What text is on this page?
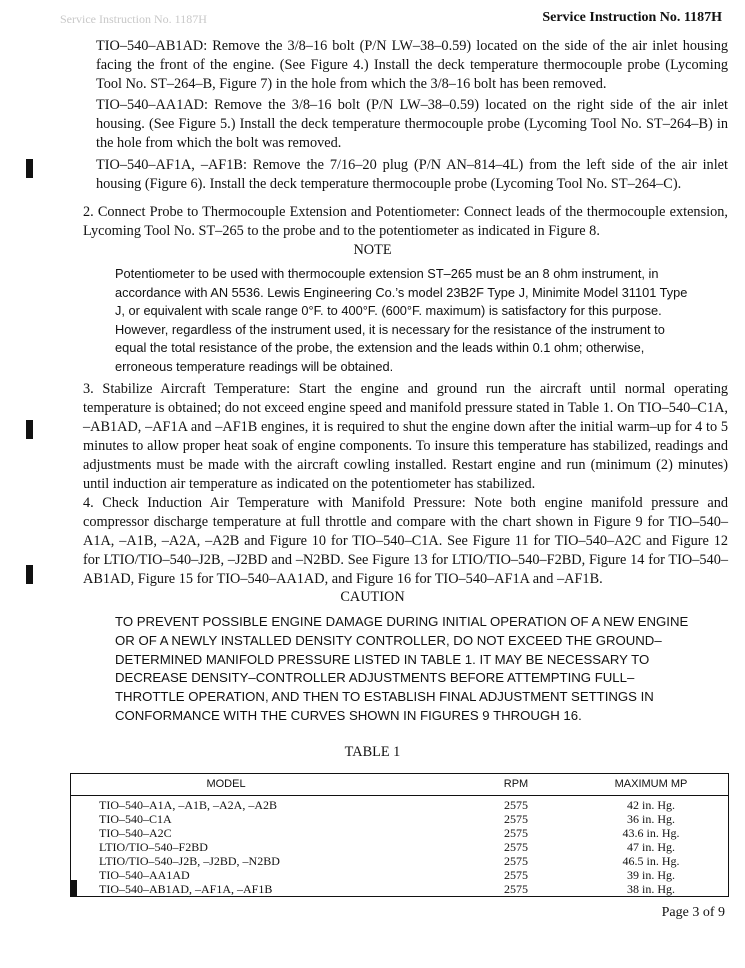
Service Instruction No. 1187H	Service Instruction No. 1187H
TIO–540–AB1AD: Remove the 3/8–16 bolt (P/N LW–38–0.59) located on the side of the air inlet housing facing the front of the engine. (See Figure 4.) Install the deck temperature thermocouple probe (Lycoming Tool No. ST–264–B, Figure 7) in the hole from which the 3/8–16 bolt has been removed.
TIO–540–AA1AD: Remove the 3/8–16 bolt (P/N LW–38–0.59) located on the right side of the air inlet housing. (See Figure 5.) Install the deck temperature thermocouple probe (Lycoming Tool No. ST–264–B) in the hole from which the bolt was removed.
TIO–540–AF1A, –AF1B: Remove the 7/16–20 plug (P/N AN–814–4L) from the left side of the air inlet housing (Figure 6). Install the deck temperature thermocouple probe (Lycoming Tool No. ST–264–C).
2. Connect Probe to Thermocouple Extension and Potentiometer: Connect leads of the thermocouple extension, Lycoming Tool No. ST–265 to the probe and to the potentiometer as indicated in Figure 8.
NOTE
Potentiometer to be used with thermocouple extension ST–265 must be an 8 ohm instrument, in accordance with AN 5536. Lewis Engineering Co.’s model 23B2F Type J, Minimite Model 31101 Type J, or equivalent with scale range 0°F. to 400°F. (600°F. maximum) is satisfactory for this purpose. However, regardless of the instrument used, it is necessary for the resistance of the instrument to equal the total resistance of the probe, the extension and the leads within 0.1 ohm; otherwise, erroneous temperature readings will be obtained.
3. Stabilize Aircraft Temperature: Start the engine and ground run the aircraft until normal operating temperature is obtained; do not exceed engine speed and manifold pressure stated in Table 1. On TIO–540–C1A, –AB1AD, –AF1A and –AF1B engines, it is required to shut the engine down after the initial warm–up for 4 to 5 minutes to allow proper heat soak of engine components. To insure this temperature has stabilized, readings and adjustments must be made with the aircraft cowling installed. Restart engine and run (minimum (2) minutes) until induction air temperature as indicated on the potentiometer has stabilized.
4. Check Induction Air Temperature with Manifold Pressure: Note both engine manifold pressure and compressor discharge temperature at full throttle and compare with the chart shown in Figure 9 for TIO–540–A1A, –A1B, –A2A, –A2B and Figure 10 for TIO–540–C1A. See Figure 11 for TIO–540–A2C and Figure 12 for LTIO/TIO–540–J2B, –J2BD and –N2BD. See Figure 13 for LTIO/TIO–540–F2BD, Figure 14 for TIO–540–AB1AD, Figure 15 for TIO–540–AA1AD, and Figure 16 for TIO–540–AF1A and –AF1B.
CAUTION
TO PREVENT POSSIBLE ENGINE DAMAGE DURING INITIAL OPERATION OF A NEW ENGINE OR OF A NEWLY INSTALLED DENSITY CONTROLLER, DO NOT EXCEED THE GROUND–DETERMINED MANIFOLD PRESSURE LISTED IN TABLE 1. IT MAY BE NECESSARY TO DECREASE DENSITY–CONTROLLER ADJUSTMENTS BEFORE ATTEMPTING FULL–THROTTLE OPERATION, AND THEN TO ESTABLISH FINAL ADJUSTMENT SETTINGS IN CONFORMANCE WITH THE CURVES SHOWN IN FIGURES 9 THROUGH 16.
TABLE 1
MODEL	RPM	MAXIMUM MP
TIO–540–A1A, –A1B, –A2A, –A2B	2575	42 in. Hg.
TIO–540–C1A	2575	36 in. Hg.
TIO–540–A2C	2575	43.6 in. Hg.
LTIO/TIO–540–F2BD	2575	47 in. Hg.
LTIO/TIO–540–J2B, –J2BD, –N2BD	2575	46.5 in. Hg.
TIO–540–AA1AD	2575	39 in. Hg.
TIO–540–AB1AD, –AF1A, –AF1B	2575	38 in. Hg.
Page 3 of 9
